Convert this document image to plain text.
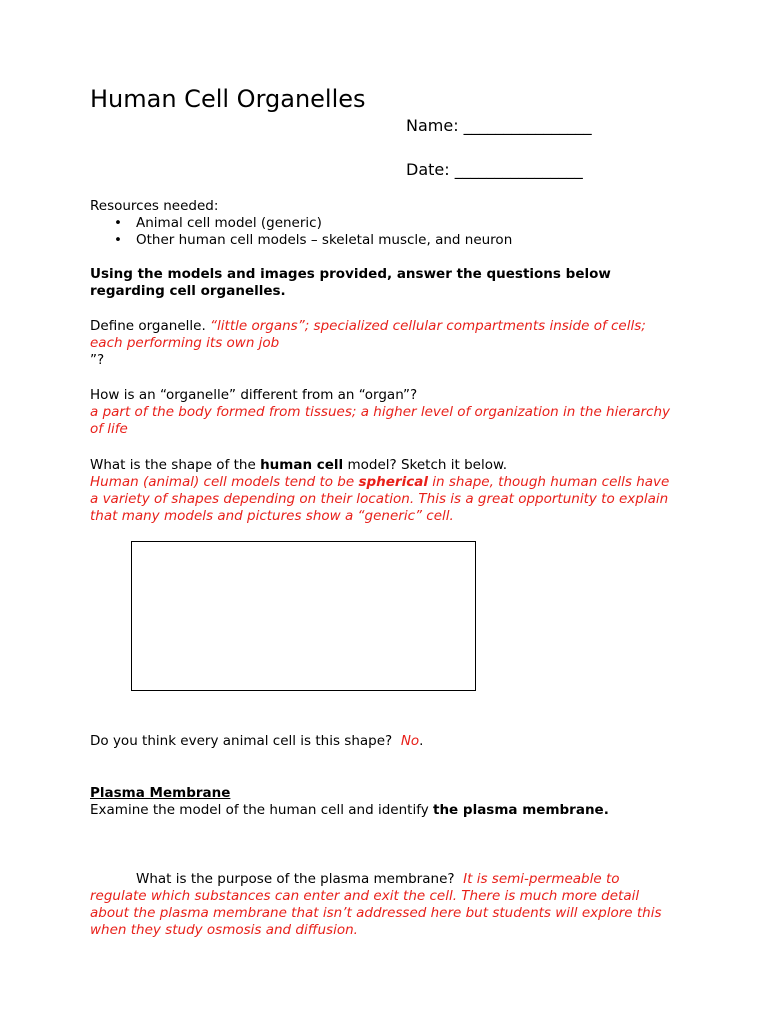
Human Cell Organelles
Name: ________________
Date: ________________
Resources needed:
• Animal cell model (generic)
• Other human cell models – skeletal muscle, and neuron
Using the models and images provided, answer the questions below regarding cell organelles.
Define organelle. “little organs”; specialized cellular compartments inside of cells;
each performing its own job
”?
How is an “organelle” different from an “organ”?
a part of the body formed from tissues; a higher level of organization in the hierarchy of life
What is the shape of the human cell model? Sketch it below.
Human (animal) cell models tend to be spherical in shape, though human cells have a variety of shapes depending on their location. This is a great opportunity to explain that many models and pictures show a “generic” cell.
Do you think every animal cell is this shape? No.
Plasma Membrane
Examine the model of the human cell and identify the plasma membrane.
What is the purpose of the plasma membrane? It is semi-permeable to regulate which substances can enter and exit the cell. There is much more detail about the plasma membrane that isn’t addressed here but students will explore this when they study osmosis and diffusion.
